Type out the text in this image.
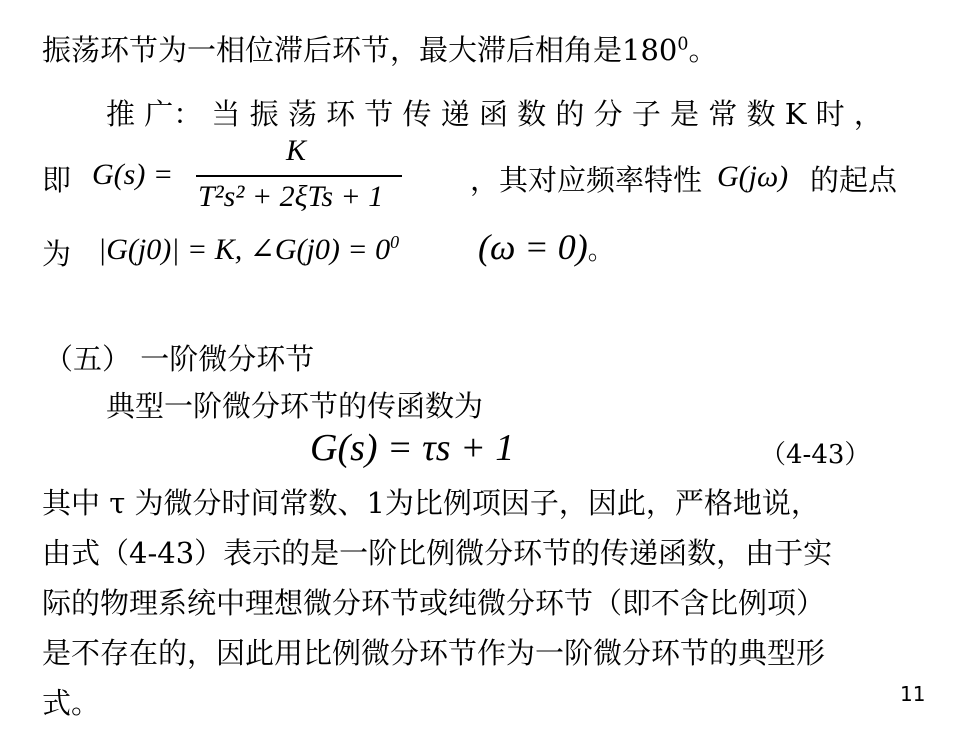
振荡环节为一相位滞后环节，最大滞后相角是$180^0$。
推 广： 当 振 荡 环 节 传 递 函 数 的 分 子 是 常 数 K 时 ，
即 G(s) =
K
T²s² + 2ξTs + 1	，其对应频率特性 G(jω) 的起点
为 |G(j0)| = K, ∠G(j0) = $0^0$ (ω = 0)。
（五） 一阶微分环节
典型一阶微分环节的传函数为
G(s) = τs + 1	（4-43）
其中 τ 为微分时间常数、1为比例项因子，因此，严格地说，
由式（4-43）表示的是一阶比例微分环节的传递函数，由于实
际的物理系统中理想微分环节或纯微分环节（即不含比例项）
是不存在的，因此用比例微分环节作为一阶微分环节的典型形
式。	11
